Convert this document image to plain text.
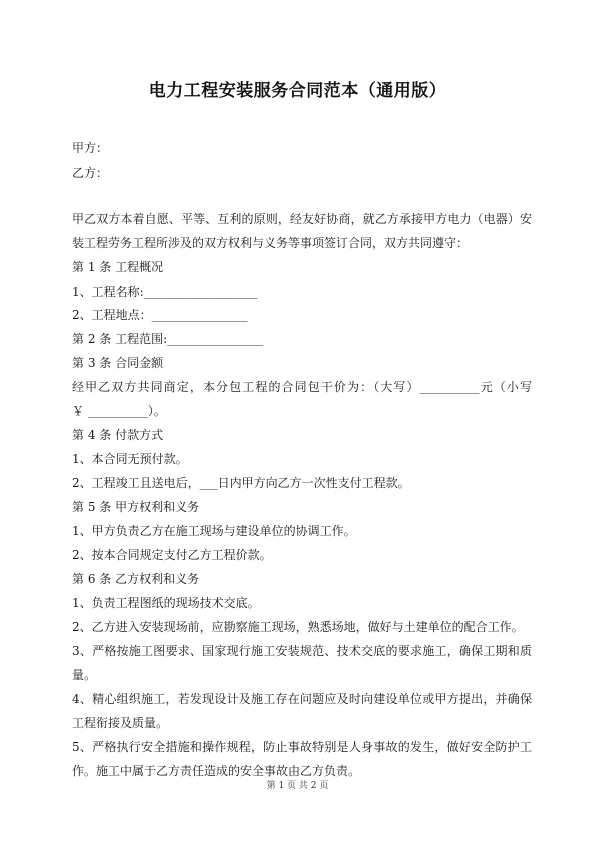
电力工程安装服务合同范本（通用版）
甲方：
乙方：
甲乙双方本着自愿、平等、互利的原则，经友好协商，就乙方承接甲方电力（电器）安
装工程劳务工程所涉及的双方权利与义务等事项签订合同，双方共同遵守：
第 1 条 工程概况
1、工程名称:___________________
2、工程地点：________________
第 2 条 工程范围:________________
第 3 条 合同金额
经甲乙双方共同商定，本分包工程的合同包干价为：（大写）__________元（小写
￥ __________）。
第 4 条 付款方式
1、本合同无预付款。
2、工程竣工且送电后，___日内甲方向乙方一次性支付工程款。
第 5 条 甲方权利和义务
1、甲方负责乙方在施工现场与建设单位的协调工作。
2、按本合同规定支付乙方工程价款。
第 6 条 乙方权利和义务
1、负责工程图纸的现场技术交底。
2、乙方进入安装现场前，应勘察施工现场，熟悉场地，做好与土建单位的配合工作。
3、严格按施工图要求、国家现行施工安装规范、技术交底的要求施工，确保工期和质
量。
4、精心组织施工，若发现设计及施工存在问题应及时向建设单位或甲方提出，并确保
工程衔接及质量。
5、严格执行安全措施和操作规程，防止事故特别是人身事故的发生，做好安全防护工
作。施工中属于乙方责任造成的安全事故由乙方负责。
第 1 页 共 2 页
